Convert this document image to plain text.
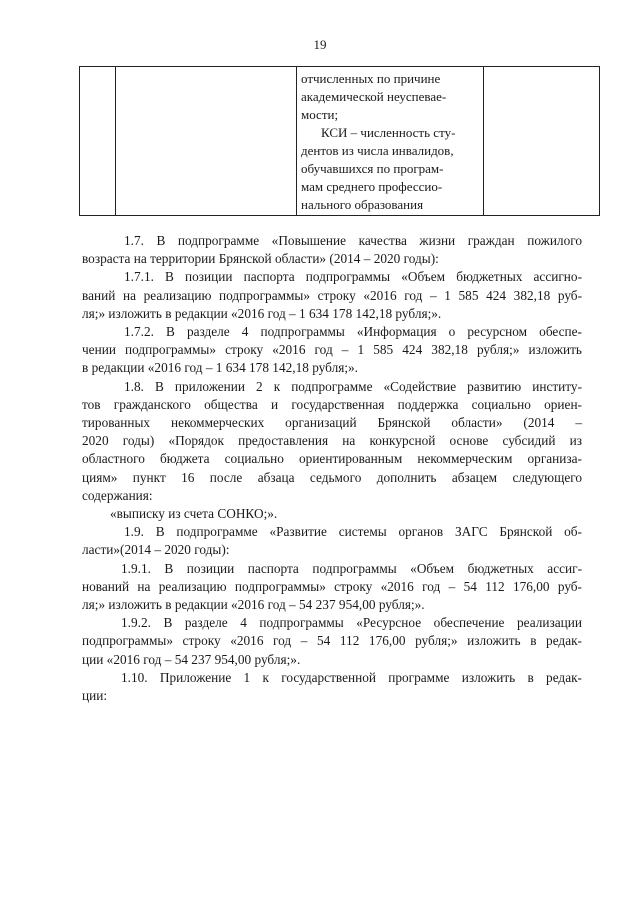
19
отчисленных по причине
академической неуспевае-
мости;
КСИ – численность сту-
дентов из числа инвалидов,
обучавшихся по програм-
мам среднего профессио-
нального образования
1.7. В подпрограмме «Повышение качества жизни граждан пожилого
возраста на территории Брянской области» (2014 – 2020 годы):
1.7.1. В позиции паспорта подпрограммы «Объем бюджетных ассигно-
ваний на реализацию подпрограммы» строку «2016 год – 1 585 424 382,18 руб-
ля;» изложить в редакции «2016 год – 1 634 178 142,18 рубля;».
1.7.2. В разделе 4 подпрограммы «Информация о ресурсном обеспе-
чении подпрограммы» строку «2016 год – 1 585 424 382,18 рубля;» изложить
в редакции «2016 год – 1 634 178 142,18 рубля;».
1.8. В приложении 2 к подпрограмме «Содействие развитию институ-
тов гражданского общества и государственная поддержка социально ориен-
тированных некоммерческих организаций Брянской области» (2014 –
2020 годы) «Порядок предоставления на конкурсной основе субсидий из
областного бюджета социально ориентированным некоммерческим организа-
циям» пункт 16 после абзаца седьмого дополнить абзацем следующего
содержания:
«выписку из счета СОНКО;».
1.9. В подпрограмме «Развитие системы органов ЗАГС Брянской об-
ласти»(2014 – 2020 годы):
1.9.1. В позиции паспорта подпрограммы «Объем бюджетных ассиг-
нований на реализацию подпрограммы» строку «2016 год – 54 112 176,00 руб-
ля;» изложить в редакции «2016 год – 54 237 954,00 рубля;».
1.9.2. В разделе 4 подпрограммы «Ресурсное обеспечение реализации
подпрограммы» строку «2016 год – 54 112 176,00 рубля;» изложить в редак-
ции «2016 год – 54 237 954,00 рубля;».
1.10. Приложение 1 к государственной программе изложить в редак-
ции:
